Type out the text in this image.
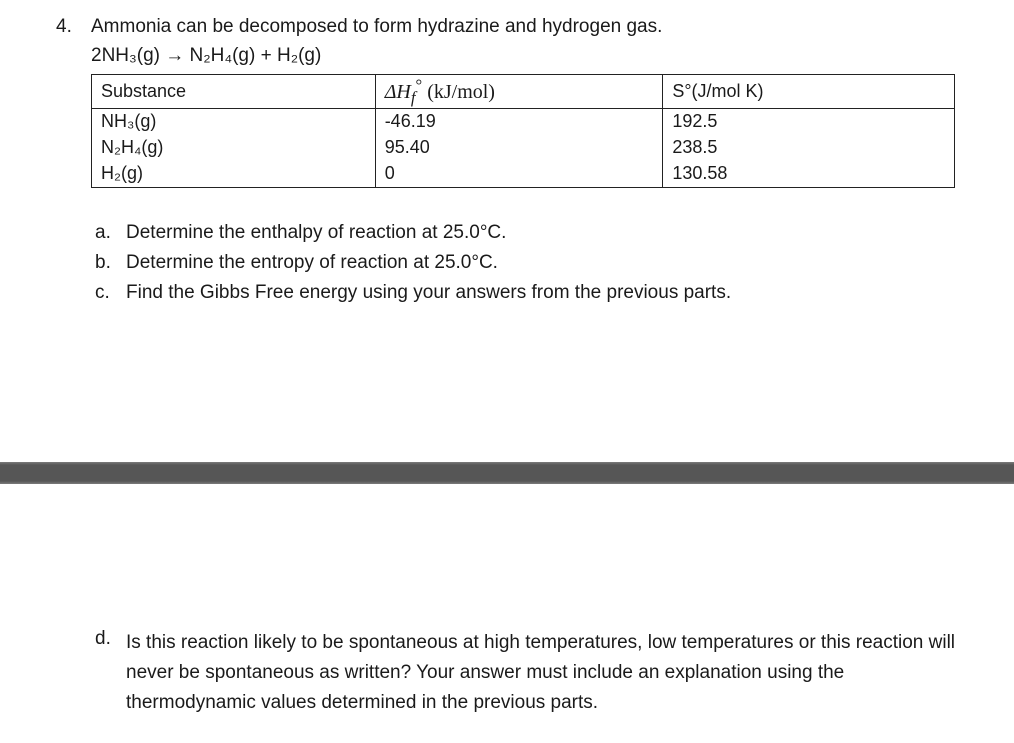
4. Ammonia can be decomposed to form hydrazine and hydrogen gas.
2NH₃(g) → N₂H₄(g) + H₂(g)
Substance	$\Delta H_f^\circ$ (kJ/mol)	S°(J/mol K)
NH₃(g)	-46.19	192.5
N₂H₄(g)	95.40	238.5
H₂(g)	0	130.58
a. Determine the enthalpy of reaction at 25.0°C.
b. Determine the entropy of reaction at 25.0°C.
c. Find the Gibbs Free energy using your answers from the previous parts.
d. Is this reaction likely to be spontaneous at high temperatures, low temperatures or this reaction will never be spontaneous as written? Your answer must include an explanation using the thermodynamic values determined in the previous parts.
